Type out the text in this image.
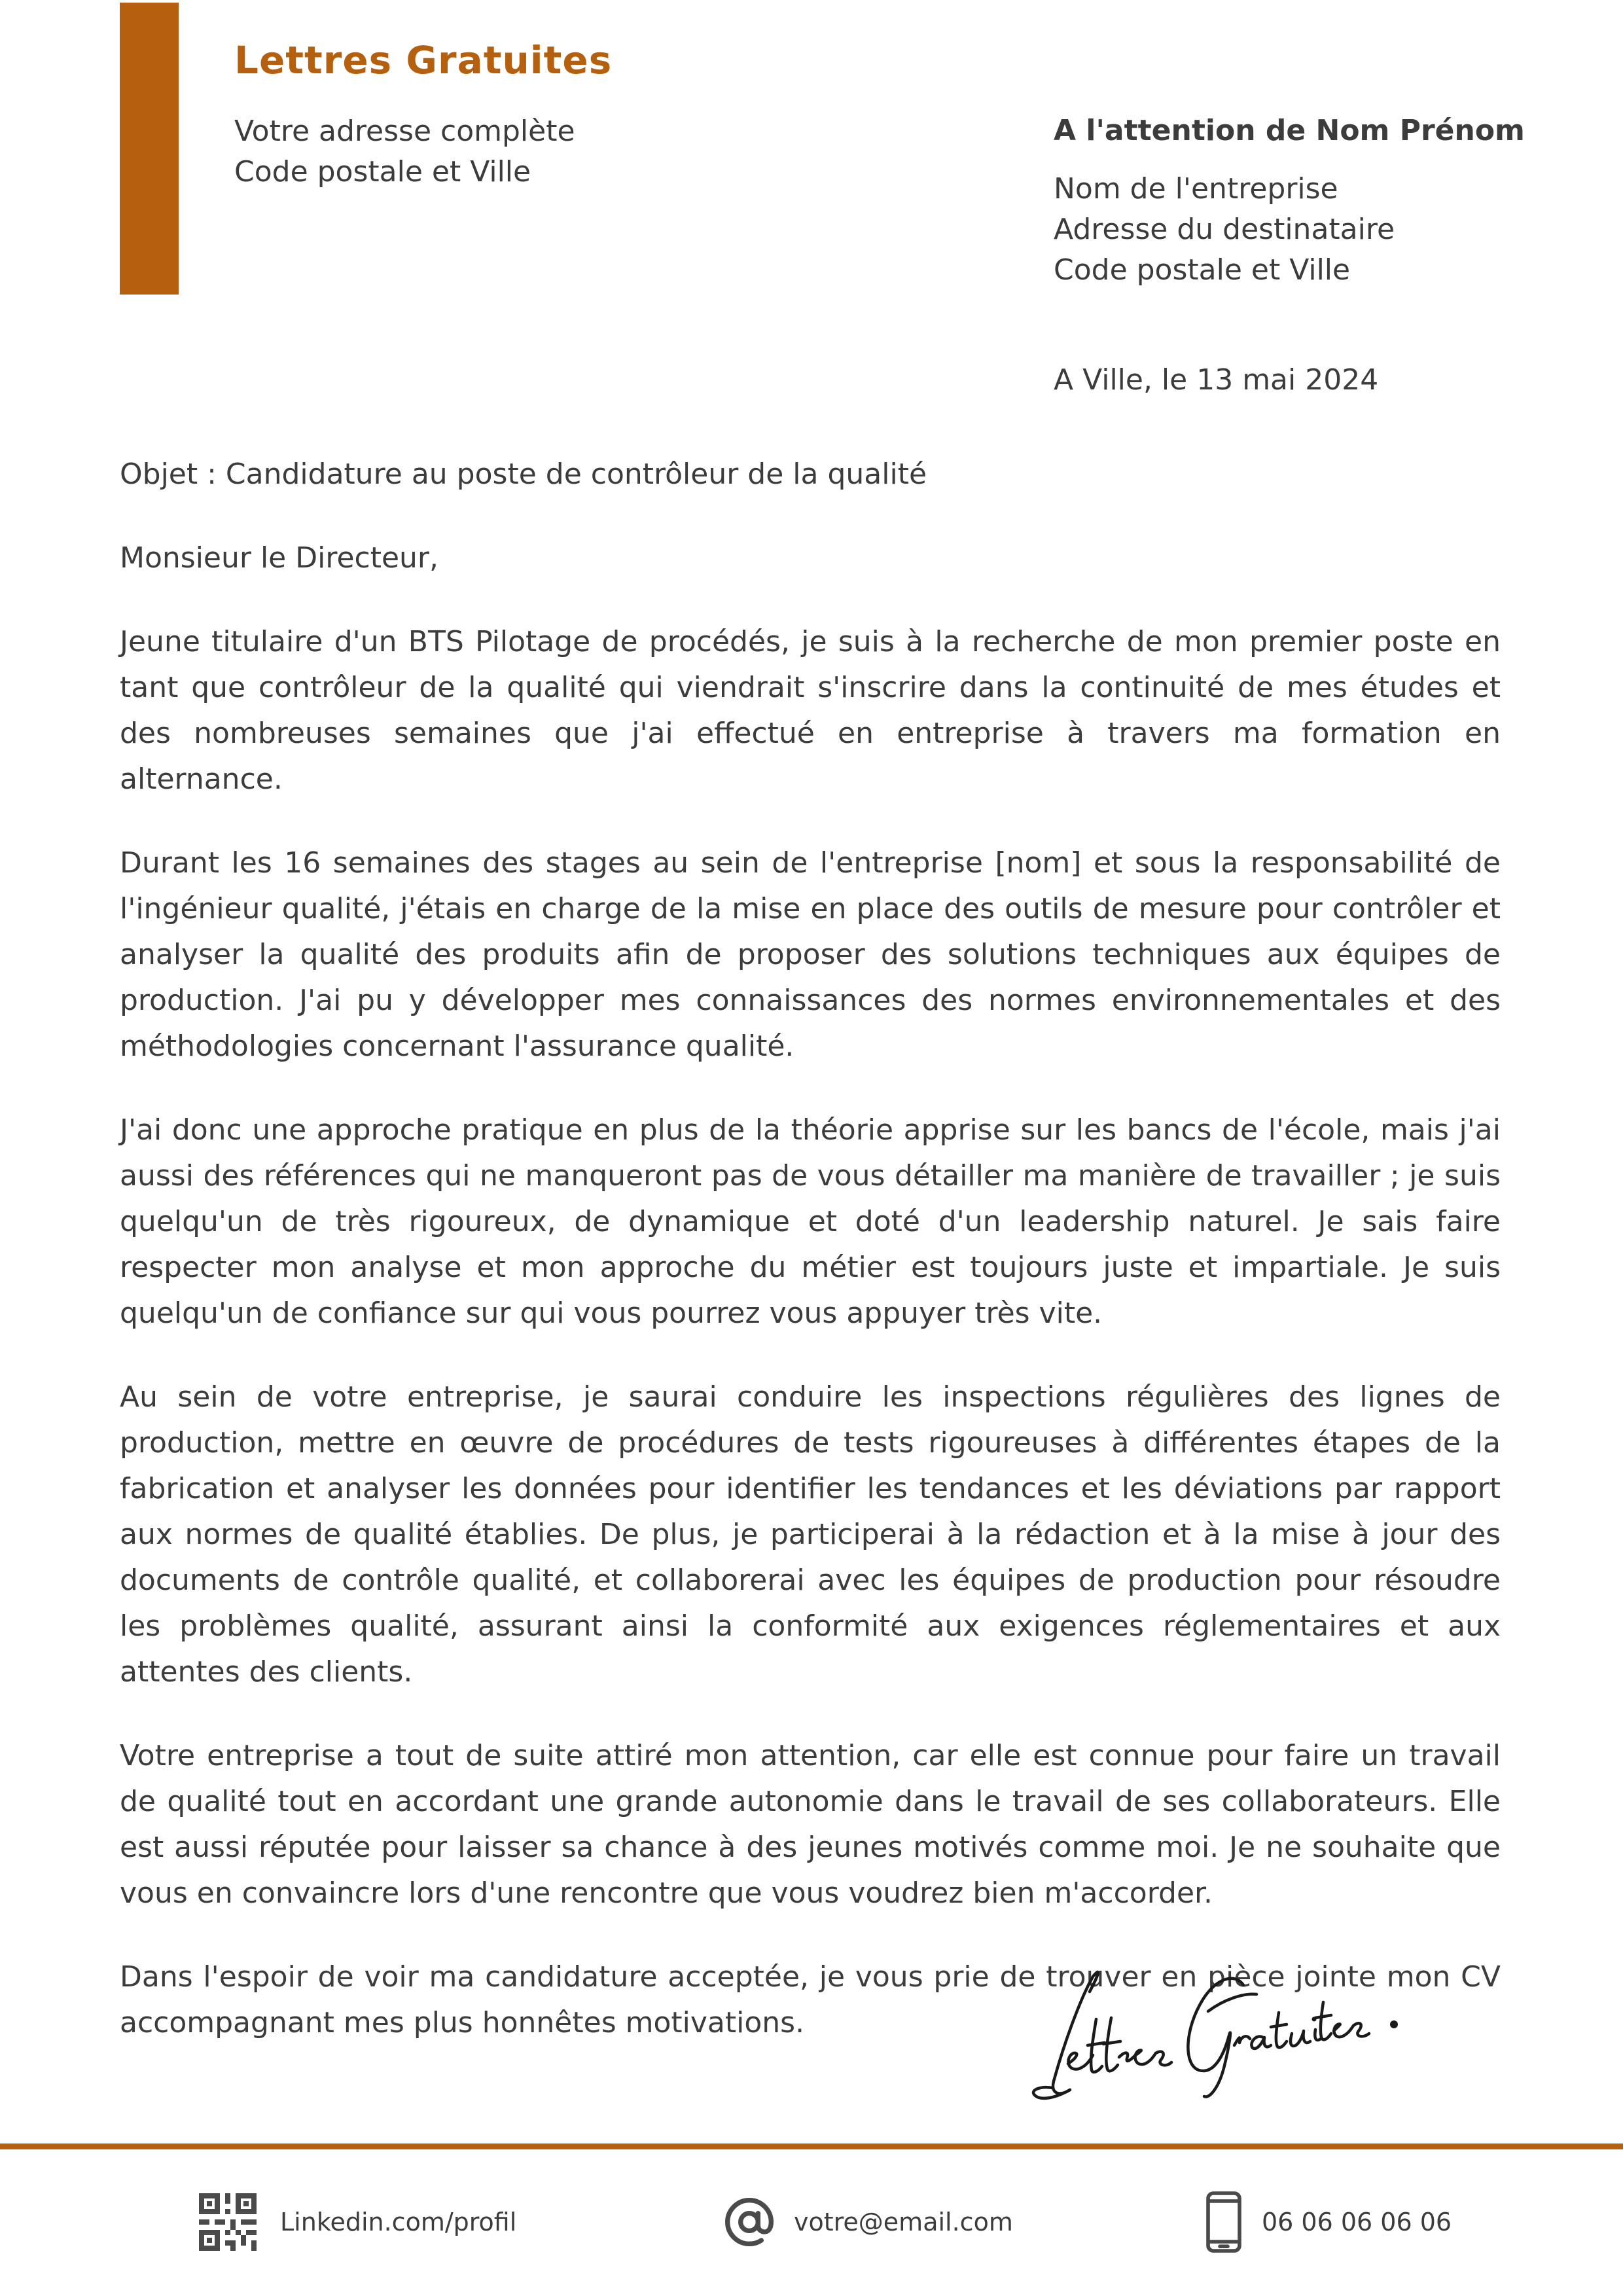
Lettres Gratuites
Votre adresse complète
Code postale et Ville
A l'attention de Nom Prénom
Nom de l'entreprise
Adresse du destinataire
Code postale et Ville
A Ville, le 13 mai 2024

Objet : Candidature au poste de contrôleur de la qualité

Monsieur le Directeur,

Jeune titulaire d'un BTS Pilotage de procédés, je suis à la recherche de mon premier poste en tant que contrôleur de la qualité qui viendrait s'inscrire dans la continuité de mes études et des nombreuses semaines que j'ai effectué en entreprise à travers ma formation en alternance.

Durant les 16 semaines des stages au sein de l'entreprise [nom] et sous la responsabilité de l'ingénieur qualité, j'étais en charge de la mise en place des outils de mesure pour contrôler et analyser la qualité des produits afin de proposer des solutions techniques aux équipes de production. J'ai pu y développer mes connaissances des normes environnementales et des méthodologies concernant l'assurance qualité.

J'ai donc une approche pratique en plus de la théorie apprise sur les bancs de l'école, mais j'ai aussi des références qui ne manqueront pas de vous détailler ma manière de travailler ; je suis quelqu'un de très rigoureux, de dynamique et doté d'un leadership naturel. Je sais faire respecter mon analyse et mon approche du métier est toujours juste et impartiale. Je suis quelqu'un de confiance sur qui vous pourrez vous appuyer très vite.

Au sein de votre entreprise, je saurai conduire les inspections régulières des lignes de production, mettre en œuvre de procédures de tests rigoureuses à différentes étapes de la fabrication et analyser les données pour identifier les tendances et les déviations par rapport aux normes de qualité établies. De plus, je participerai à la rédaction et à la mise à jour des documents de contrôle qualité, et collaborerai avec les équipes de production pour résoudre les problèmes qualité, assurant ainsi la conformité aux exigences réglementaires et aux attentes des clients.

Votre entreprise a tout de suite attiré mon attention, car elle est connue pour faire un travail de qualité tout en accordant une grande autonomie dans le travail de ses collaborateurs. Elle est aussi réputée pour laisser sa chance à des jeunes motivés comme moi. Je ne souhaite que vous en convaincre lors d'une rencontre que vous voudrez bien m'accorder.

Dans l'espoir de voir ma candidature acceptée, je vous prie de trouver en pièce jointe mon CV accompagnant mes plus honnêtes motivations.

Linkedin.com/profil	votre@email.com	06 06 06 06 06
